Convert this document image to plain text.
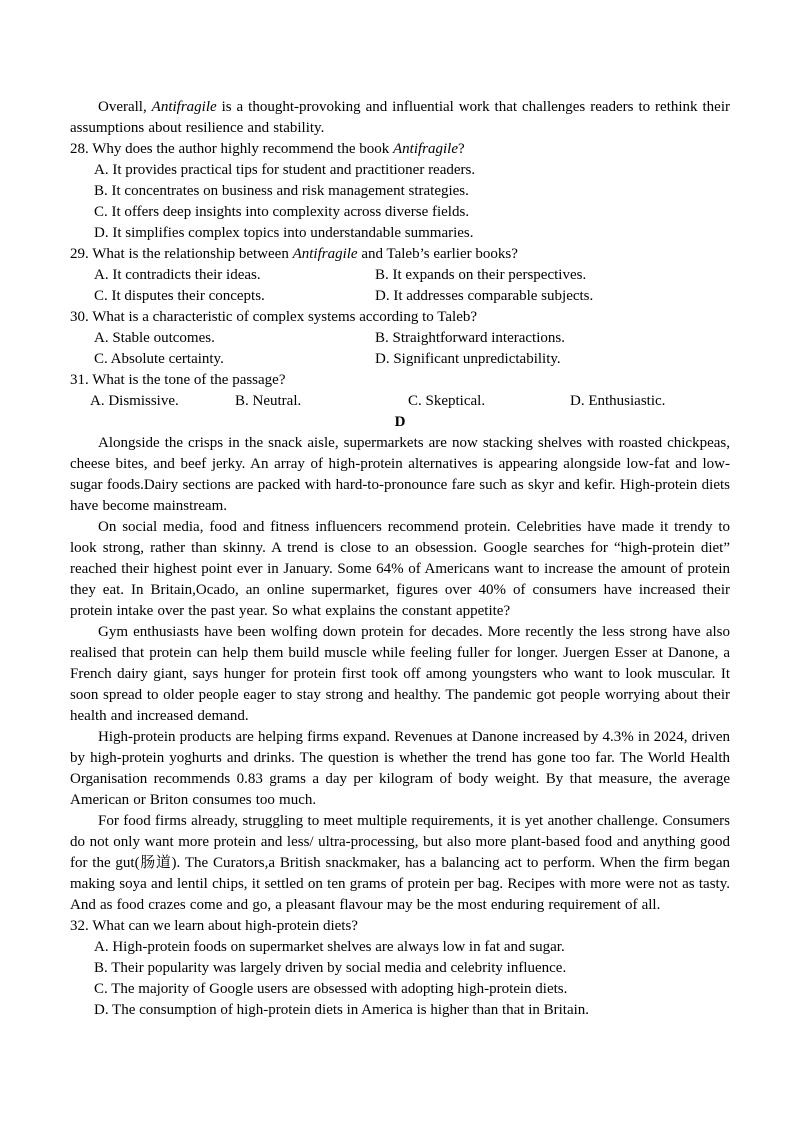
Overall, Antifragile is a thought-provoking and influential work that challenges readers to rethink their assumptions about resilience and stability.

28. Why does the author highly recommend the book Antifragile?

A. It provides practical tips for student and practitioner readers.

B. It concentrates on business and risk management strategies.

C. It offers deep insights into complexity across diverse fields.

D. It simplifies complex topics into understandable summaries.

29. What is the relationship between Antifragile and Taleb’s earlier books?

A. It contradicts their ideas.	B. It expands on their perspectives.

C. It disputes their concepts.	D. It addresses comparable subjects.

30. What is a characteristic of complex systems according to Taleb?

A. Stable outcomes.	B. Straightforward interactions.

C. Absolute certainty.	D. Significant unpredictability.

31. What is the tone of the passage?

A. Dismissive.	B. Neutral.	C. Skeptical.	D. Enthusiastic.

D

Alongside the crisps in the snack aisle, supermarkets are now stacking shelves with roasted chickpeas, cheese bites, and beef jerky. An array of high-protein alternatives is appearing alongside low-fat and low-sugar foods.Dairy sections are packed with hard-to-pronounce fare such as skyr and kefir. High-protein diets have become mainstream.

On social media, food and fitness influencers recommend protein. Celebrities have made it trendy to look strong, rather than skinny. A trend is close to an obsession. Google searches for “high-protein diet” reached their highest point ever in January. Some 64% of Americans want to increase the amount of protein they eat. In Britain,Ocado, an online supermarket, figures over 40% of consumers have increased their protein intake over the past year. So what explains the constant appetite?

Gym enthusiasts have been wolfing down protein for decades. More recently the less strong have also realised that protein can help them build muscle while feeling fuller for longer. Juergen Esser at Danone, a French dairy giant, says hunger for protein first took off among youngsters who want to look muscular. It soon spread to older people eager to stay strong and healthy. The pandemic got people worrying about their health and increased demand.

High-protein products are helping firms expand. Revenues at Danone increased by 4.3% in 2024, driven by high-protein yoghurts and drinks. The question is whether the trend has gone too far. The World Health Organisation recommends 0.83 grams a day per kilogram of body weight. By that measure, the average American or Briton consumes too much.

For food firms already, struggling to meet multiple requirements, it is yet another challenge. Consumers do not only want more protein and less/ ultra-processing, but also more plant-based food and anything good for the gut(肠道). The Curators,a British snackmaker, has a balancing act to perform. When the firm began making soya and lentil chips, it settled on ten grams of protein per bag. Recipes with more were not as tasty. And as food crazes come and go, a pleasant flavour may be the most enduring requirement of all.

32. What can we learn about high-protein diets?

A. High-protein foods on supermarket shelves are always low in fat and sugar.

B. Their popularity was largely driven by social media and celebrity influence.

C. The majority of Google users are obsessed with adopting high-protein diets.

D. The consumption of high-protein diets in America is higher than that in Britain.
